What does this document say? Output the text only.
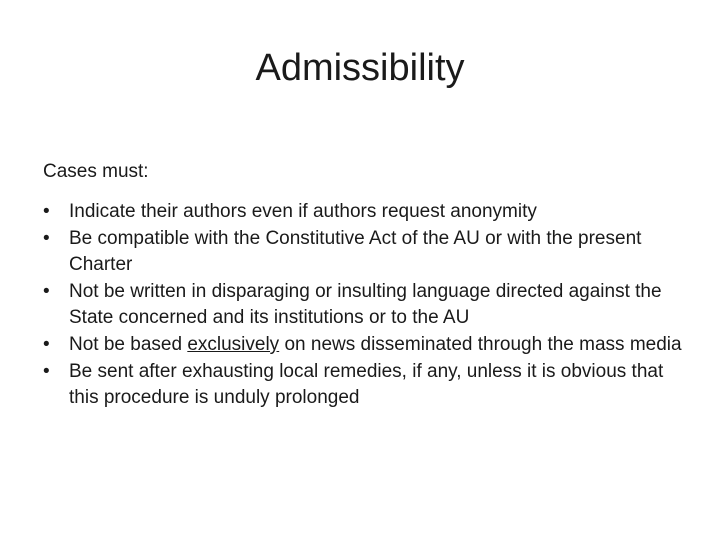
Admissibility

Cases must:

• Indicate their authors even if authors request anonymity
• Be compatible with the Constitutive Act of the AU or with the present Charter
• Not be written in disparaging or insulting language directed against the State concerned and its institutions or to the AU
• Not be based exclusively on news disseminated through the mass media
• Be sent after exhausting local remedies, if any, unless it is obvious that this procedure is unduly prolonged
